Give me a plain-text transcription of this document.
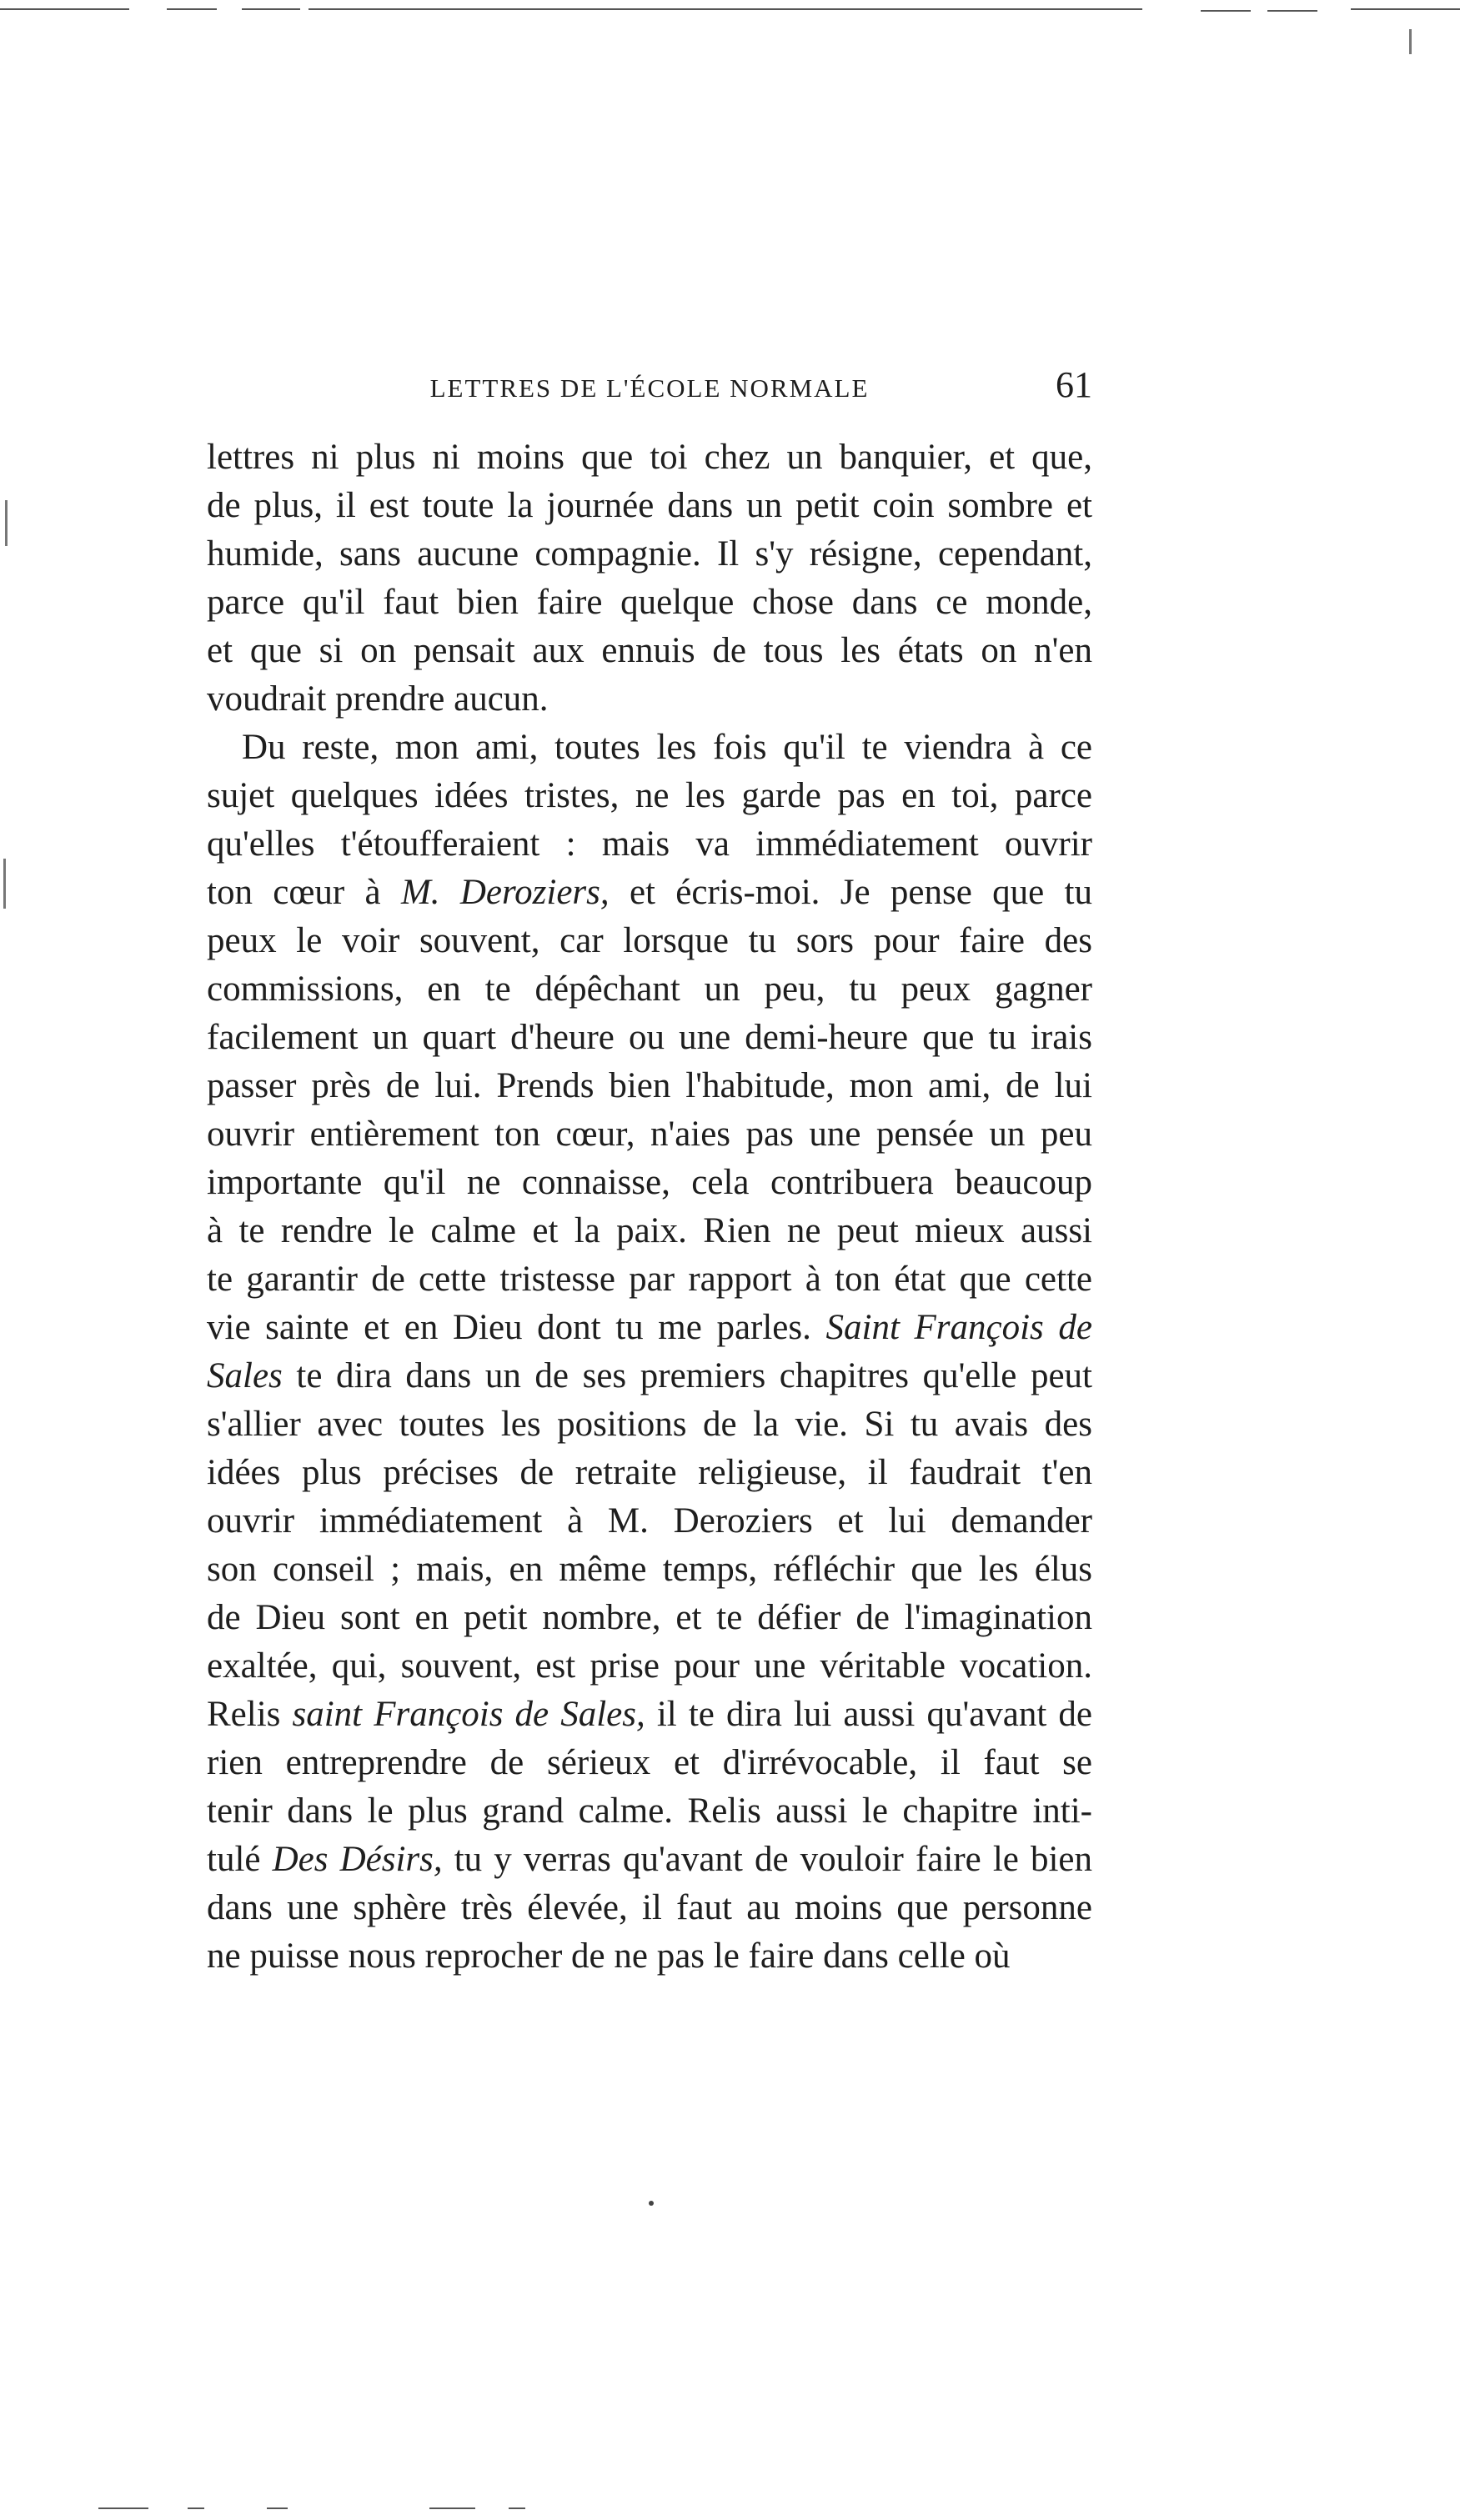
LETTRES DE L'ÉCOLE NORMALE	61
lettres ni plus ni moins que toi chez un banquier, et que,
de plus, il est toute la journée dans un petit coin sombre et
humide, sans aucune compagnie. Il s'y résigne, cependant,
parce qu'il faut bien faire quelque chose dans ce monde,
et que si on pensait aux ennuis de tous les états on n'en
voudrait prendre aucun.
Du reste, mon ami, toutes les fois qu'il te viendra à ce
sujet quelques idées tristes, ne les garde pas en toi, parce
qu'elles t'étoufferaient : mais va immédiatement ouvrir
ton cœur à M. Deroziers, et écris-moi. Je pense que tu
peux le voir souvent, car lorsque tu sors pour faire des
commissions, en te dépêchant un peu, tu peux gagner
facilement un quart d'heure ou une demi-heure que tu irais
passer près de lui. Prends bien l'habitude, mon ami, de lui
ouvrir entièrement ton cœur, n'aies pas une pensée un peu
importante qu'il ne connaisse, cela contribuera beaucoup
à te rendre le calme et la paix. Rien ne peut mieux aussi
te garantir de cette tristesse par rapport à ton état que cette
vie sainte et en Dieu dont tu me parles. Saint François de
Sales te dira dans un de ses premiers chapitres qu'elle peut
s'allier avec toutes les positions de la vie. Si tu avais des
idées plus précises de retraite religieuse, il faudrait t'en
ouvrir immédiatement à M. Deroziers et lui demander
son conseil ; mais, en même temps, réfléchir que les élus
de Dieu sont en petit nombre, et te défier de l'imagination
exaltée, qui, souvent, est prise pour une véritable vocation.
Relis saint François de Sales, il te dira lui aussi qu'avant de
rien entreprendre de sérieux et d'irrévocable, il faut se
tenir dans le plus grand calme. Relis aussi le chapitre inti-
tulé Des Désirs, tu y verras qu'avant de vouloir faire le bien
dans une sphère très élevée, il faut au moins que personne
ne puisse nous reprocher de ne pas le faire dans celle où
